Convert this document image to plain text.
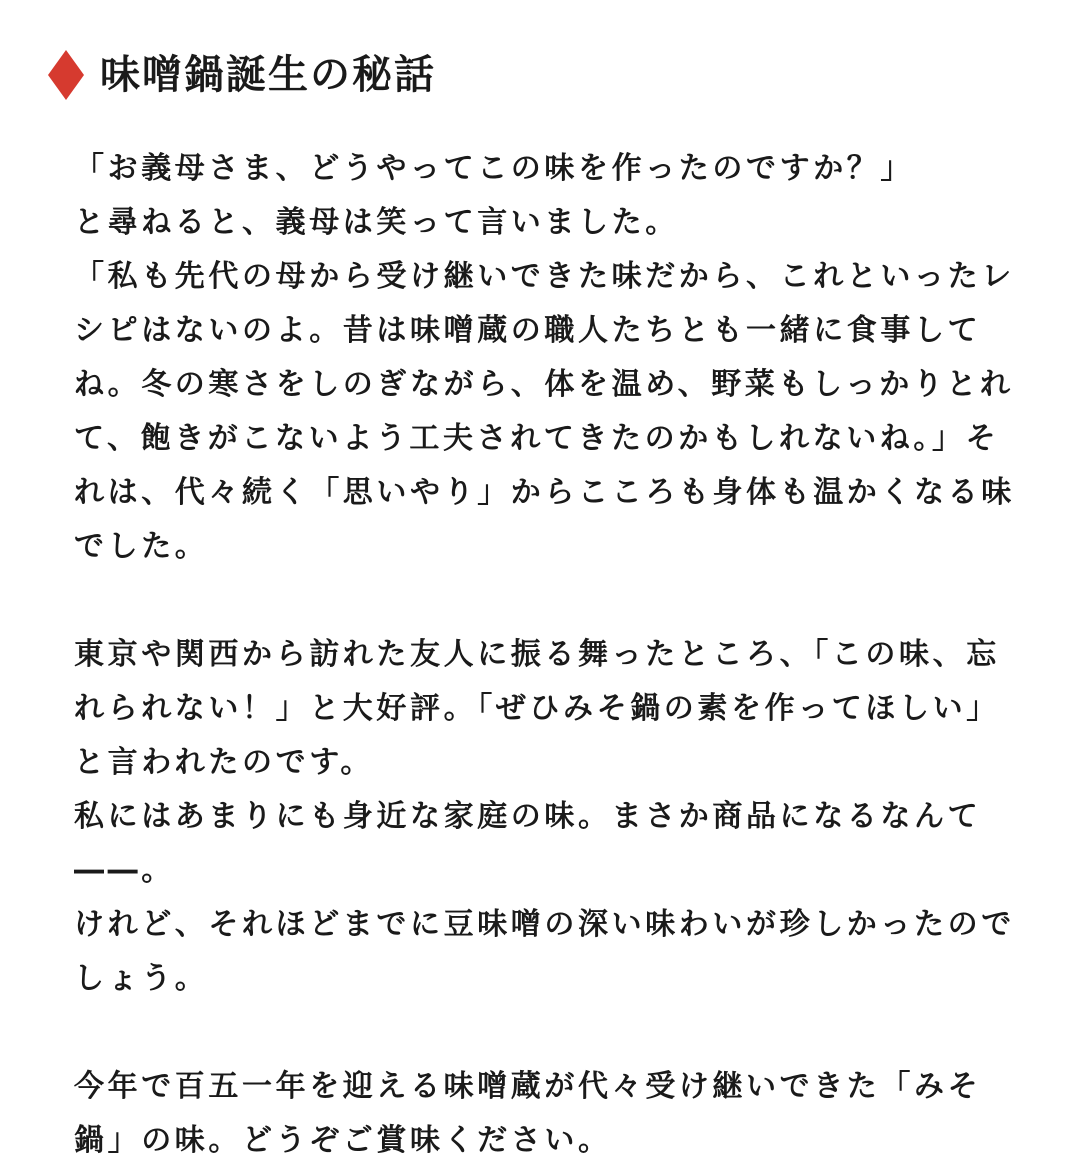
味噌鍋誕生の秘話
「お義母さま、どうやってこの味を作ったのですか？」
と尋ねると、義母は笑って言いました。
「私も先代の母から受け継いできた味だから、これといったレ
シピはないのよ。昔は味噌蔵の職人たちとも一緒に食事して
ね。冬の寒さをしのぎながら、体を温め、野菜もしっかりとれ
て、飽きがこないよう工夫されてきたのかもしれないね。」そ
れは、代々続く「思いやり」からこころも身体も温かくなる味
でした。
東京や関西から訪れた友人に振る舞ったところ、「この味、忘
れられない！」と大好評。「ぜひみそ鍋の素を作ってほしい」
と言われたのです。
私にはあまりにも身近な家庭の味。まさか商品になるなんて
――。
けれど、それほどまでに豆味噌の深い味わいが珍しかったので
しょう。
今年で百五一年を迎える味噌蔵が代々受け継いできた「みそ
鍋」の味。どうぞご賞味ください。
